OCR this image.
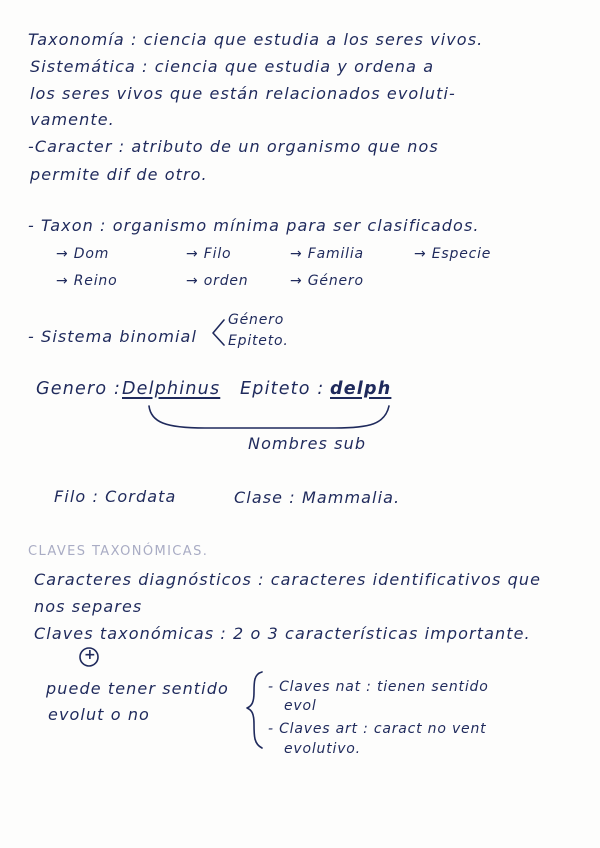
Taxonomía : ciencia que estudia a los seres vivos.
Sistemática : ciencia que estudia y ordena a
los seres vivos que están relacionados evoluti-
vamente.
-Caracter : atributo de un organismo que nos
permite dif de otro.
- Taxon : organismo mínima para ser clasificados.
→ Dom	→ Filo	→ Familia	→ Especie
→ Reino	→ orden	→ Género
- Sistema binomial
Género
Epiteto.
Genero : Delphinus Epiteto : delph
Nombres sub
Filo : Cordata	Clase : Mammalia.
CLAVES TAXONÓMICAS.
Caracteres diagnósticos : caracteres identificativos que
nos separes
Claves taxonómicas : 2 o 3 características importante.
+
puede tener sentido
evolut o no
- Claves nat : tienen sentido
evol
- Claves art : caract no vent
evolutivo.
